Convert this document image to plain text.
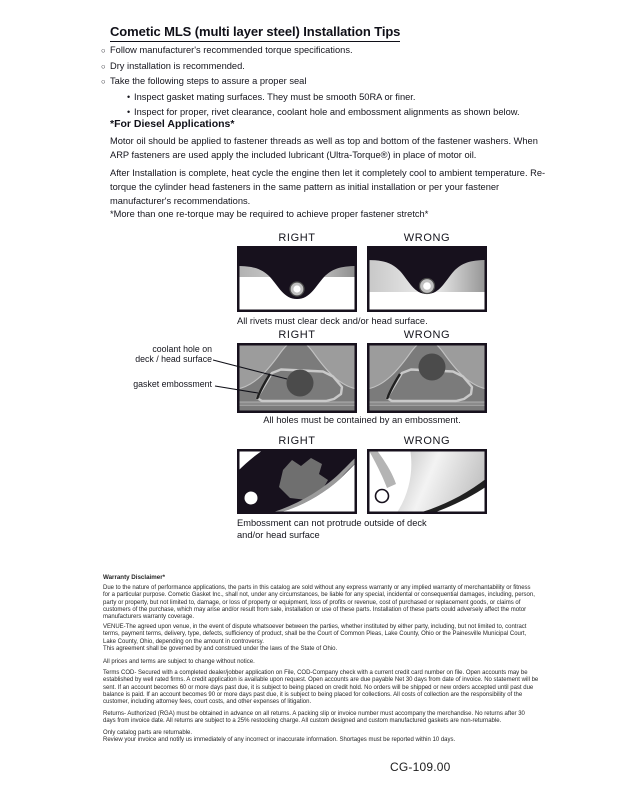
Cometic MLS (multi layer steel) Installation Tips
○ Follow manufacturer's recommended torque specifications.
○ Dry installation is recommended.
○ Take the following steps to assure a proper seal
• Inspect gasket mating surfaces. They must be smooth 50RA or finer.
• Inspect for proper, rivet clearance, coolant hole and embossment alignments as shown below.
*For Diesel Applications*
Motor oil should be applied to fastener threads as well as top and bottom of the fastener washers. When ARP fasteners are used apply the included lubricant (Ultra-Torque®) in place of motor oil.
After Installation is complete, heat cycle the engine then let it completely cool to ambient temperature. Re-torque the cylinder head fasteners in the same pattern as initial installation or per your fastener manufacturer's recommendations.
*More than one re-torque may be required to achieve proper fastener stretch*
RIGHT	WRONG
All rivets must clear deck and/or head surface.
RIGHT	WRONG
coolant hole on
deck / head surface
gasket embossment
All holes must be contained by an embossment.
RIGHT	WRONG
Embossment can not protrude outside of deck
and/or head surface
Warranty Disclaimer*
Due to the nature of performance applications, the parts in this catalog are sold without any express warranty or any implied warranty of merchantability or fitness for a particular purpose. Cometic Gasket Inc., shall not, under any circumstances, be liable for any special, incidental or consequential damages, including, person, party or property, but not limited to, damage, or loss of property or equipment, loss of profits or revenue, cost of purchased or replacement goods, or claims of customers of the purchase, which may arise and/or result from sale, installation or use of these parts. Installation of these parts could adversely affect the motor manufacturers warranty coverage.
VENUE-The agreed upon venue, in the event of dispute whatsoever between the parties, whether instituted by either party, including, but not limited to, contract terms, payment terms, delivery, type, defects, sufficiency of product, shall be the Court of Common Pleas, Lake County, Ohio or the Painesville Municipal Court, Lake County, Ohio, depending on the amount in controversy.
This agreement shall be governed by and construed under the laws of the State of Ohio.
All prices and terms are subject to change without notice.
Terms COD- Secured with a completed dealer/jobber application on File, COD-Company check with a current credit card number on file. Open accounts may be established by well rated firms. A credit application is available upon request. Open accounts are due payable Net 30 days from date of invoice. No statement will be sent. If an account becomes 60 or more days past due, it is subject to being placed on credit hold. No orders will be shipped or new orders accepted until past due balance is paid. If an account becomes 90 or more days past due, it is subject to being placed for collections. All costs of collection are the responsibility of the customer, including attorney fees, court costs, and other expenses of litigation.
Returns- Authorized (RGA) must be obtained in advance on all returns. A packing slip or invoice number must accompany the merchandise. No returns after 30 days from invoice date. All returns are subject to a 25% restocking charge. All custom designed and custom manufactured gaskets are non-returnable.
Only catalog parts are returnable.
Review your invoice and notify us immediately of any incorrect or inaccurate information. Shortages must be reported within 10 days.
CG-109.00
